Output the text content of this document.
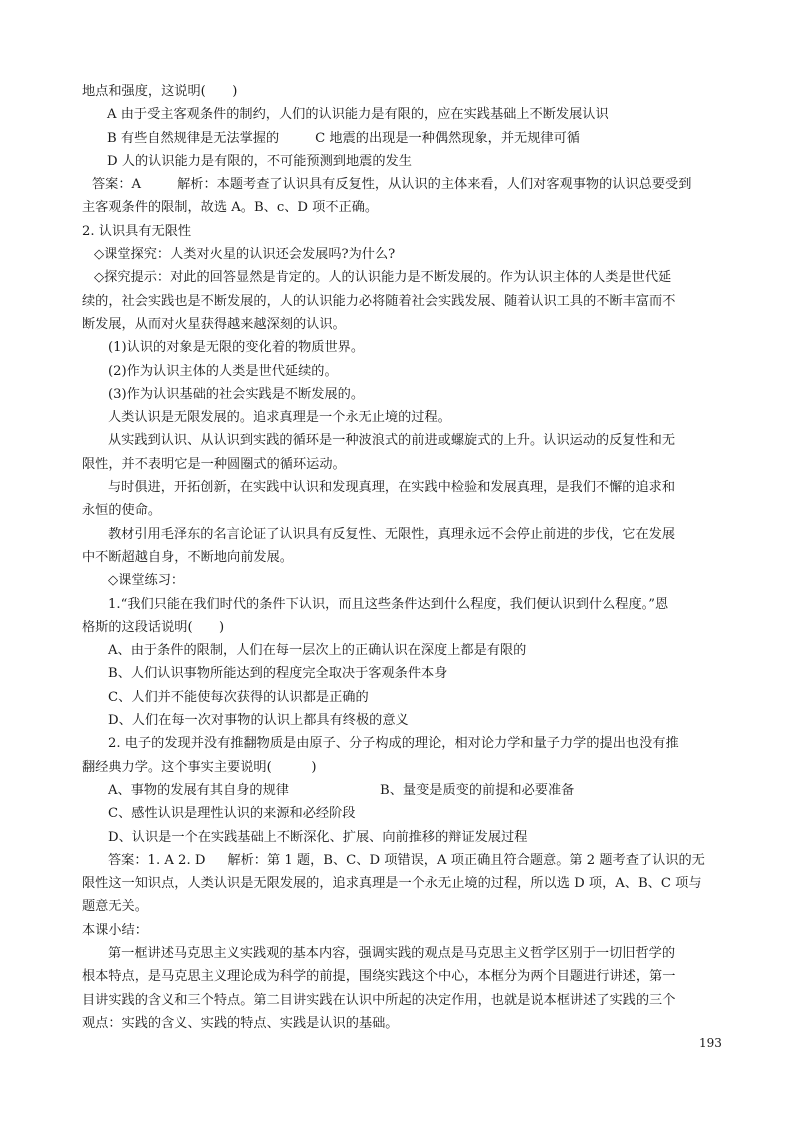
地点和强度，这说明(　　)
A 由于受主客观条件的制约，人们的认识能力是有限的，应在实践基础上不断发展认识
B 有些自然规律是无法掌握的	C 地震的出现是一种偶然现象，并无规律可循
D 人的认识能力是有限的，不可能预测到地震的发生
答案：A	解析：本题考查了认识具有反复性，从认识的主体来看，人们对客观事物的认识总要受到
主客观条件的限制，故选 A。B、c、D 项不正确。
2. 认识具有无限性
◇课堂探究：人类对火星的认识还会发展吗?为什么?
◇探究提示：对此的回答显然是肯定的。人的认识能力是不断发展的。作为认识主体的人类是世代延
续的，社会实践也是不断发展的，人的认识能力必将随着社会实践发展、随着认识工具的不断丰富而不
断发展，从而对火星获得越来越深刻的认识。
(1)认识的对象是无限的变化着的物质世界。
(2)作为认识主体的人类是世代延续的。
(3)作为认识基础的社会实践是不断发展的。
人类认识是无限发展的。追求真理是一个永无止境的过程。
从实践到认识、从认识到实践的循环是一种波浪式的前进或螺旋式的上升。认识运动的反复性和无
限性，并不表明它是一种圆圈式的循环运动。
与时俱进，开拓创新，在实践中认识和发现真理，在实践中检验和发展真理，是我们不懈的追求和
永恒的使命。
教材引用毛泽东的名言论证了认识具有反复性、无限性，真理永远不会停止前进的步伐，它在发展
中不断超越自身，不断地向前发展。
◇课堂练习：
1.“我们只能在我们时代的条件下认识，而且这些条件达到什么程度，我们便认识到什么程度。”恩
格斯的这段话说明(　　)
A、由于条件的限制，人们在每一层次上的正确认识在深度上都是有限的
B、人们认识事物所能达到的程度完全取决于客观条件本身
C、人们并不能使每次获得的认识都是正确的
D、人们在每一次对事物的认识上都具有终极的意义
2. 电子的发现并没有推翻物质是由原子、分子构成的理论，相对论力学和量子力学的提出也没有推
翻经典力学。这个事实主要说明(　　　)
A、事物的发展有其自身的规律	B、量变是质变的前提和必要准备
C、感性认识是理性认识的来源和必经阶段
D、认识是一个在实践基础上不断深化、扩展、向前推移的辩证发展过程
答案：1. A 2. D 解析：第 1 题，B、C、D 项错误，A 项正确且符合题意。第 2 题考查了认识的无
限性这一知识点，人类认识是无限发展的，追求真理是一个永无止境的过程，所以选 D 项，A、B、C 项与
题意无关。
本课小结：
第一框讲述马克思主义实践观的基本内容，强调实践的观点是马克思主义哲学区别于一切旧哲学的
根本特点，是马克思主义理论成为科学的前提，围绕实践这个中心，本框分为两个目题进行讲述，第一
目讲实践的含义和三个特点。第二目讲实践在认识中所起的决定作用，也就是说本框讲述了实践的三个
观点：实践的含义、实践的特点、实践是认识的基础。
193
